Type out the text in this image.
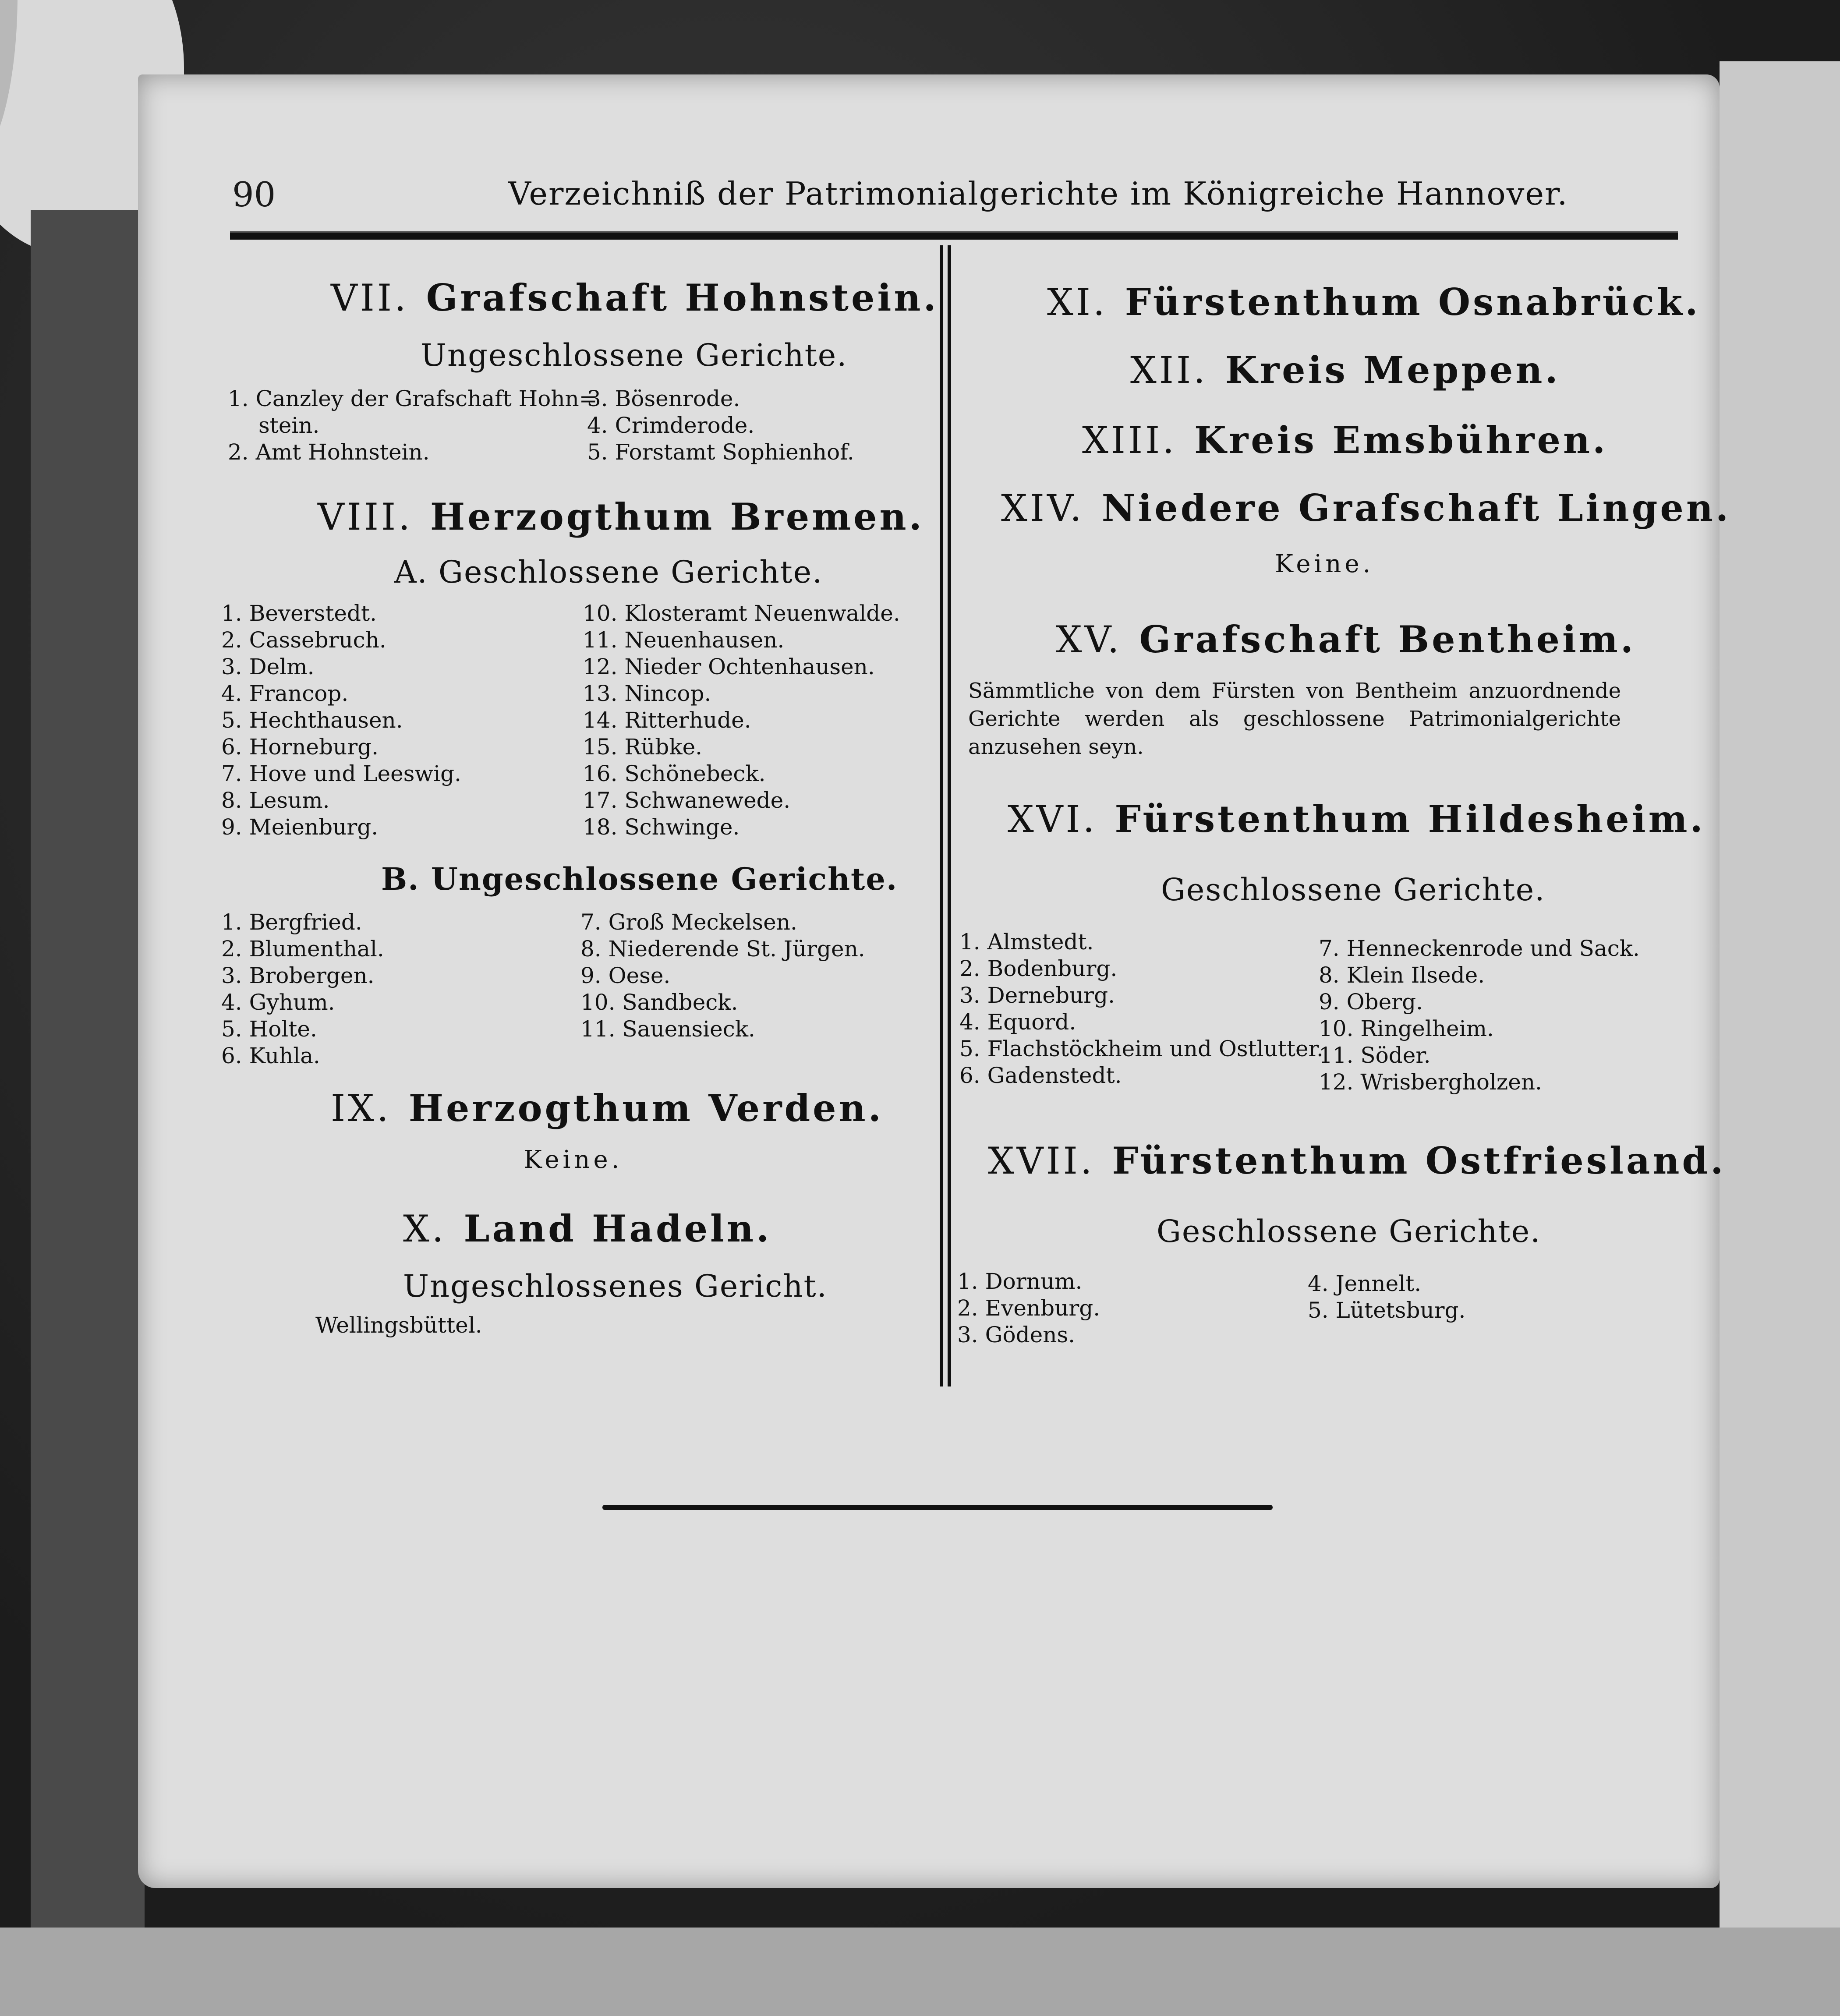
90	Verzeichniß der Patrimonialgerichte im Königreiche Hannover.
VII. Grafschaft Hohnstein.
Ungeschlossene Gerichte.
1. Canzley der Grafschaft Hohn=
stein.
2. Amt Hohnstein.
3. Bösenrode.
4. Crimderode.
5. Forstamt Sophienhof.
VIII. Herzogthum Bremen.
A. Geschlossene Gerichte.
1. Beverstedt.
2. Cassebruch.
3. Delm.
4. Francop.
5. Hechthausen.
6. Horneburg.
7. Hove und Leeswig.
8. Lesum.
9. Meienburg.
10. Klosteramt Neuenwalde.
11. Neuenhausen.
12. Nieder Ochtenhausen.
13. Nincop.
14. Ritterhude.
15. Rübke.
16. Schönebeck.
17. Schwanewede.
18. Schwinge.
B. Ungeschlossene Gerichte.
1. Bergfried.
2. Blumenthal.
3. Brobergen.
4. Gyhum.
5. Holte.
6. Kuhla.
7. Groß Meckelsen.
8. Niederende St. Jürgen.
9. Oese.
10. Sandbeck.
11. Sauensieck.
IX. Herzogthum Verden.
Keine.
X. Land Hadeln.
Ungeschlossenes Gericht.
Wellingsbüttel.
XI. Fürstenthum Osnabrück.
XII. Kreis Meppen.
XIII. Kreis Emsbühren.
XIV. Niedere Grafschaft Lingen.
Keine.
XV. Grafschaft Bentheim.
Sämmtliche von dem Fürsten von Bentheim anzuordnende Gerichte werden als geschlossene Patrimonialgerichte anzusehen seyn.
XVI. Fürstenthum Hildesheim.
Geschlossene Gerichte.
1. Almstedt.
2. Bodenburg.
3. Derneburg.
4. Equord.
5. Flachstöckheim und Ostlutter.
6. Gadenstedt.
7. Henneckenrode und Sack.
8. Klein Ilsede.
9. Oberg.
10. Ringelheim.
11. Söder.
12. Wrisbergholzen.
XVII. Fürstenthum Ostfriesland.
Geschlossene Gerichte.
1. Dornum.
2. Evenburg.
3. Gödens.
4. Jennelt.
5. Lütetsburg.
